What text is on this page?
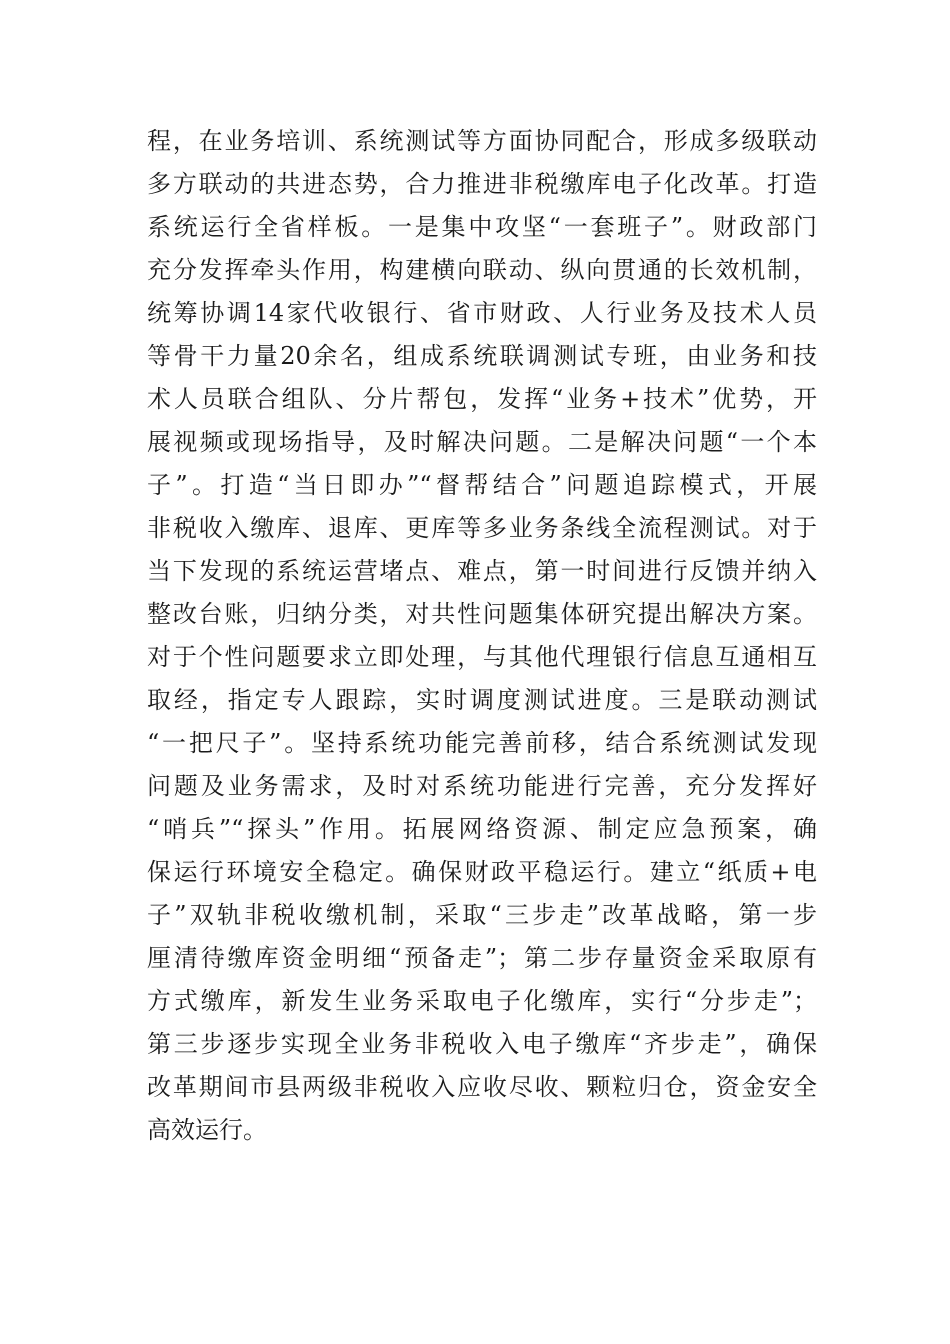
程，在业务培训、系统测试等方面协同配合，形成多级联动
多方联动的共进态势，合力推进非税缴库电子化改革。打造
系统运行全省样板。一是集中攻坚“一套班子”。财政部门
充分发挥牵头作用，构建横向联动、纵向贯通的长效机制，
统筹协调14家代收银行、省市财政、人行业务及技术人员
等骨干力量20余名，组成系统联调测试专班，由业务和技
术人员联合组队、分片帮包，发挥“业务+技术”优势，开
展视频或现场指导，及时解决问题。二是解决问题“一个本
子”。打造“当日即办”“督帮结合”问题追踪模式，开展
非税收入缴库、退库、更库等多业务条线全流程测试。对于
当下发现的系统运营堵点、难点，第一时间进行反馈并纳入
整改台账，归纳分类，对共性问题集体研究提出解决方案。
对于个性问题要求立即处理，与其他代理银行信息互通相互
取经，指定专人跟踪，实时调度测试进度。三是联动测试
“一把尺子”。坚持系统功能完善前移，结合系统测试发现
问题及业务需求，及时对系统功能进行完善，充分发挥好
“哨兵”“探头”作用。拓展网络资源、制定应急预案，确
保运行环境安全稳定。确保财政平稳运行。建立“纸质+电
子”双轨非税收缴机制，采取“三步走”改革战略，第一步
厘清待缴库资金明细“预备走”；第二步存量资金采取原有
方式缴库，新发生业务采取电子化缴库，实行“分步走”；
第三步逐步实现全业务非税收入电子缴库“齐步走”，确保
改革期间市县两级非税收入应收尽收、颗粒归仓，资金安全
高效运行。
